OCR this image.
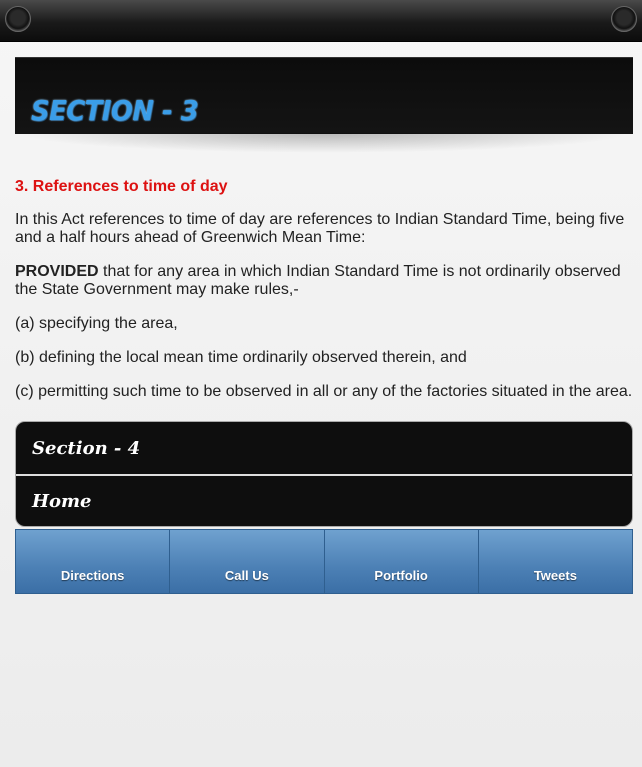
SECTION - 3
3. References to time of day

In this Act references to time of day are references to Indian Standard Time, being five and a half hours ahead of Greenwich Mean Time:

PROVIDED that for any area in which Indian Standard Time is not ordinarily observed the State Government may make rules,-

(a) specifying the area,

(b) defining the local mean time ordinarily observed therein, and

(c) permitting such time to be observed in all or any of the factories situated in the area.

Section - 4
Home
Directions	Call Us	Portfolio	Tweets
